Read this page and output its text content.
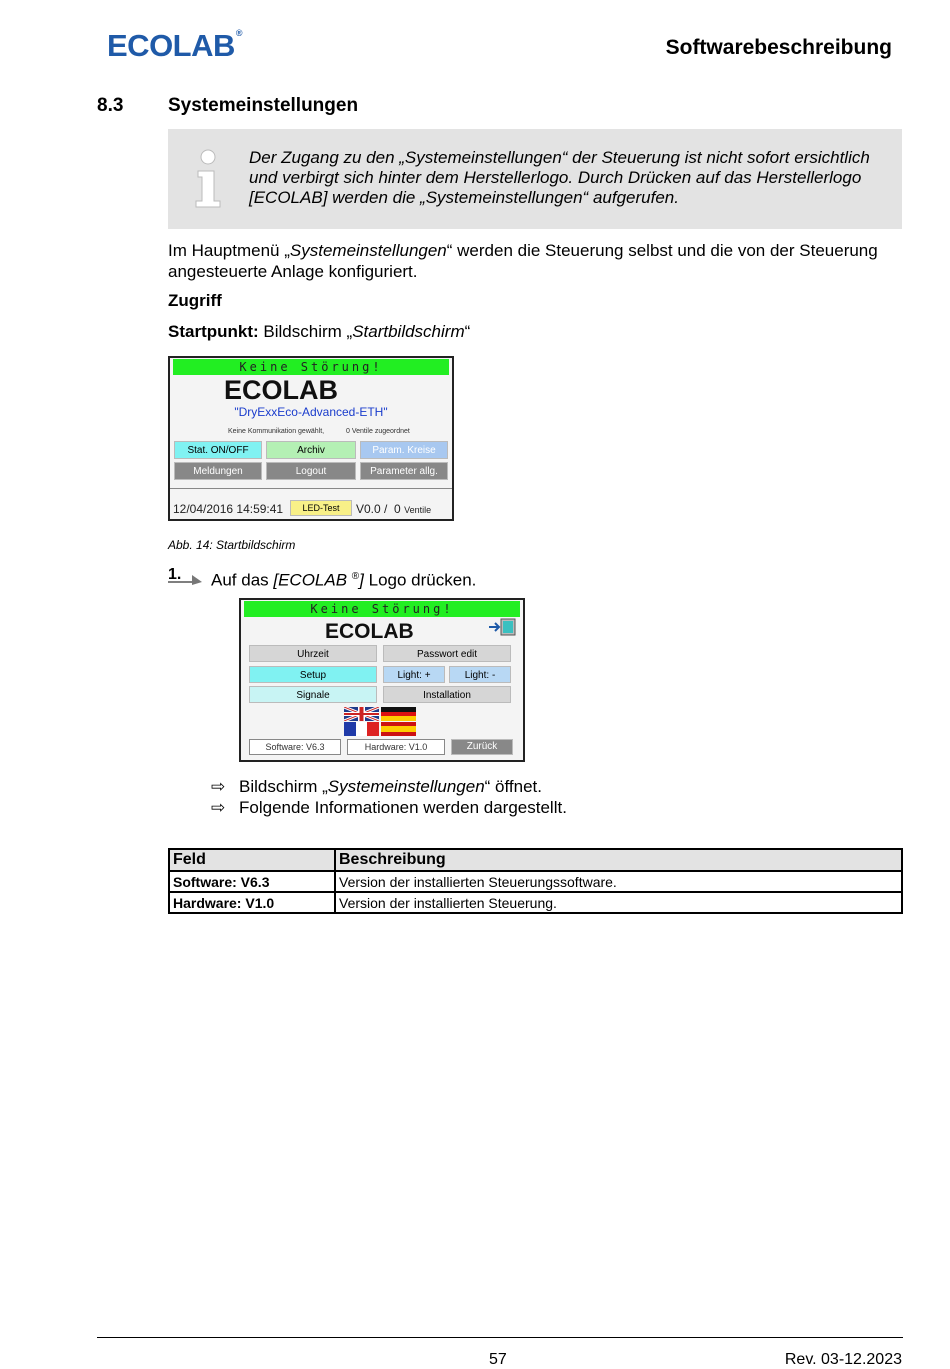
ECOLAB®
Softwarebeschreibung
8.3 Systemeinstellungen
Der Zugang zu den „Systemeinstellungen“ der Steuerung ist nicht sofort ersichtlich und verbirgt sich hinter dem Herstellerlogo. Durch Drücken auf das Herstellerlogo [ECOLAB] werden die „Systemeinstellungen“ aufgerufen.
Im Hauptmenü „Systemeinstellungen“ werden die Steuerung selbst und die von der Steuerung angesteuerte Anlage konfiguriert.
Zugriff
Startpunkt: Bildschirm „Startbildschirm“
Keine Störung!
ECOLAB
"DryExxEco-Advanced-ETH"
Keine Kommunikation gewählt,	0 Ventile zugeordnet
Stat. ON/OFF	Archiv	Param. Kreise
Meldungen	Logout	Parameter allg.
12/04/2016 14:59:41	LED-Test	V0.0 / 0 Ventile
Abb. 14: Startbildschirm
1. Auf das [ECOLAB ®] Logo drücken.
Keine Störung!
ECOLAB
Uhrzeit	Passwort edit
Setup	Light: +	Light: -
Signale	Installation
Software: V6.3	Hardware: V1.0	Zurück
⇨ Bildschirm „Systemeinstellungen“ öffnet.
⇨ Folgende Informationen werden dargestellt.
Feld	Beschreibung
Software: V6.3	Version der installierten Steuerungssoftware.
Hardware: V1.0	Version der installierten Steuerung.
57	Rev. 03-12.2023
